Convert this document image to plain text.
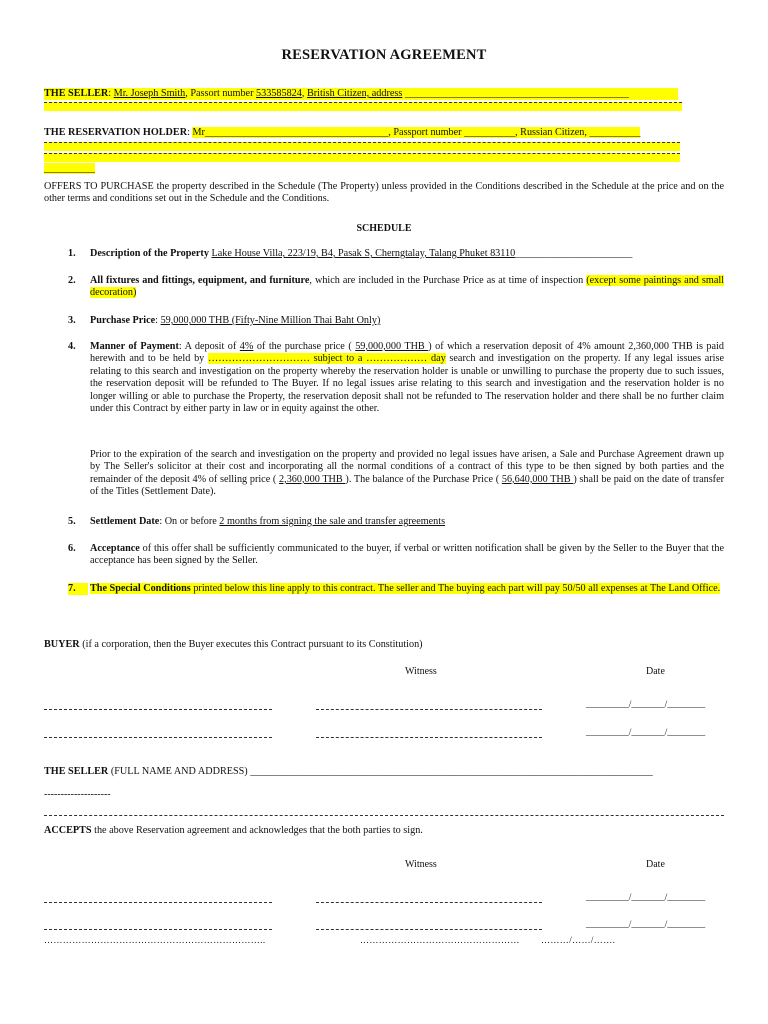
RESERVATION AGREEMENT
THE SELLER: Mr. Joseph Smith, Passort number 533585824, British Citizen, address ____________________________________________
THE RESERVATION HOLDER: Mr____________________________________, Passport number __________, Russian Citizen, __________
__________
OFFERS TO PURCHASE the property described in the Schedule (The Property) unless provided in the Conditions described in the Schedule at the price and on the other terms and conditions set out in the Schedule and the Conditions.
SCHEDULE
1.	Description of the Property Lake House Villa, 223/19, B4, Pasak S, Cherngtalay, Talang Phuket 83110_______________________
2.	All fixtures and fittings, equipment, and furniture, which are included in the Purchase Price as at time of inspection (except some paintings and small decoration)
3.	Purchase Price: 59,000,000 THB (Fifty-Nine Million Thai Baht Only)
4.	Manner of Payment: A deposit of 4% of the purchase price ( 59,000,000 THB ) of which a reservation deposit of 4% amount 2,360,000 THB is paid herewith and to be held by ………………………… subject to a ……………… day search and investigation on the property. If any legal issues arise relating to this search and investigation on the property whereby the reservation holder is unable or unwilling to purchase the property due to such issues, the reservation deposit will be refunded to The Buyer. If no legal issues arise relating to this search and investigation and the reservation holder is no longer willing or able to purchase the Property, the reservation deposit shall not be refunded to The reservation holder and there shall be no further claim under this Contract by either party in law or in equity against the other.
Prior to the expiration of the search and investigation on the property and provided no legal issues have arisen, a Sale and Purchase Agreement drawn up by The Seller's solicitor at their cost and incorporating all the normal conditions of a contract of this type to be then signed by both parties and the remainder of the deposit 4% of selling price ( 2,360,000 THB ). The balance of the Purchase Price ( 56,640,000 THB ) shall be paid on the date of transfer of the Titles (Settlement Date).
5.	Settlement Date: On or before 2 months from signing the sale and transfer agreements
6.	Acceptance of this offer shall be sufficiently communicated to the buyer, if verbal or written notification shall be given by the Seller to the Buyer that the acceptance has been signed by the Seller.
7.	The Special Conditions printed below this line apply to this contract. The seller and The buying each part will pay 50/50 all expenses at The Land Office.
BUYER (if a corporation, then the Buyer executes this Contract pursuant to its Constitution)
Witness	Date
_________/_______/________
_________/_______/________
THE SELLER (FULL NAME AND ADDRESS) _______________________________________________________________________________
--------------------
ACCEPTS the above Reservation agreement and acknowledges that the both parties to sign.
Witness	Date
_________/_______/________
_________/_______/________
……………………………………………………………..	…………………………………………… ………/……/…….
